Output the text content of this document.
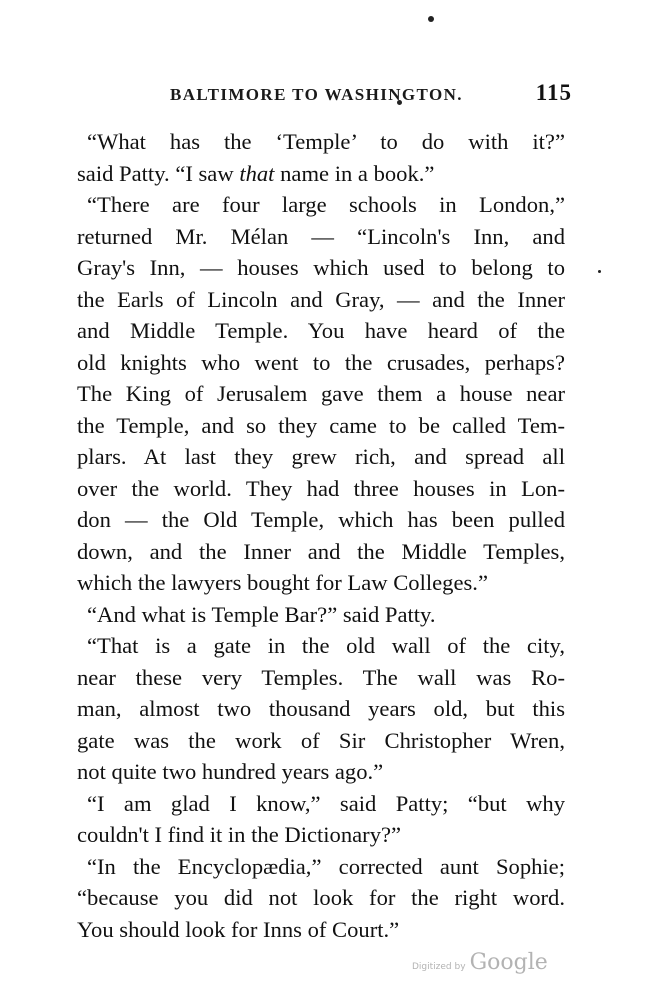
BALTIMORE TO WASHINGTON.	115
“What has the ‘Temple’ to do with it?”
said Patty. “I saw that name in a book.”
“There are four large schools in London,”
returned Mr. Mélan — “Lincoln's Inn, and
Gray's Inn, — houses which used to belong to
the Earls of Lincoln and Gray, — and the Inner
and Middle Temple. You have heard of the
old knights who went to the crusades, perhaps?
The King of Jerusalem gave them a house near
the Temple, and so they came to be called Tem-
plars. At last they grew rich, and spread all
over the world. They had three houses in Lon-
don — the Old Temple, which has been pulled
down, and the Inner and the Middle Temples,
which the lawyers bought for Law Colleges.”
“And what is Temple Bar?” said Patty.
“That is a gate in the old wall of the city,
near these very Temples. The wall was Ro-
man, almost two thousand years old, but this
gate was the work of Sir Christopher Wren,
not quite two hundred years ago.”
“I am glad I know,” said Patty; “but why
couldn't I find it in the Dictionary?”
“In the Encyclopædia,” corrected aunt Sophie;
“because you did not look for the right word.
You should look for Inns of Court.”
Digitized by Google
